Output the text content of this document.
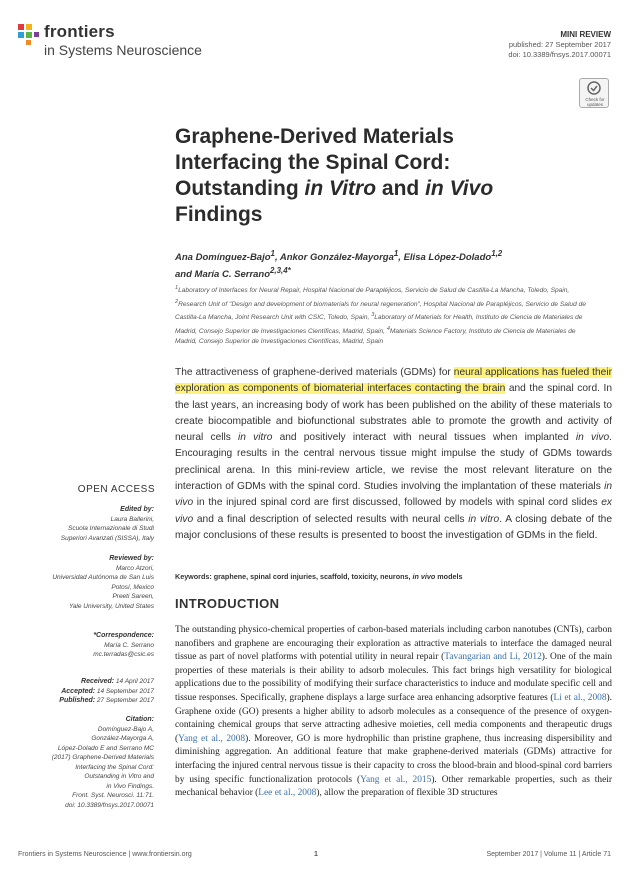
frontiers
in Systems Neuroscience
MINI REVIEW
published: 27 September 2017
doi: 10.3389/fnsys.2017.00071
Check for updates
Graphene-Derived Materials
Interfacing the Spinal Cord:
Outstanding in Vitro and in Vivo
Findings
Ana Domínguez-Bajo$^1$, Ankor González-Mayorga$^1$, Elisa López-Dolado$^{1,2}$
and María C. Serrano$^{2,3,4*}$
$^1$Laboratory of Interfaces for Neural Repair, Hospital Nacional de Parapléjicos, Servicio de Salud de Castilla-La Mancha, Toledo, Spain, $^2$Research Unit of "Design and development of biomaterials for neural regeneration", Hospital Nacional de Parapléjicos, Servicio de Salud de Castilla-La Mancha, Joint Research Unit with CSIC, Toledo, Spain, $^3$Laboratory of Materials for Health, Instituto de Ciencia de Materiales de Madrid, Consejo Superior de Investigaciones Científicas, Madrid, Spain, $^4$Materials Science Factory, Instituto de Ciencia de Materiales de Madrid, Consejo Superior de Investigaciones Científicas, Madrid, Spain
The attractiveness of graphene-derived materials (GDMs) for neural applications has fueled their exploration as components of biomaterial interfaces contacting the brain and the spinal cord. In the last years, an increasing body of work has been published on the ability of these materials to create biocompatible and biofunctional substrates able to promote the growth and activity of neural cells in vitro and positively interact with neural tissues when implanted in vivo. Encouraging results in the central nervous tissue might impulse the study of GDMs towards preclinical arena. In this mini-review article, we revise the most relevant literature on the interaction of GDMs with the spinal cord. Studies involving the implantation of these materials in vivo in the injured spinal cord are first discussed, followed by models with spinal cord slides ex vivo and a final description of selected results with neural cells in vitro. A closing debate of the major conclusions of these results is presented to boost the investigation of GDMs in the field.
Keywords: graphene, spinal cord injuries, scaffold, toxicity, neurons, in vivo models
INTRODUCTION
The outstanding physico-chemical properties of carbon-based materials including carbon nanotubes (CNTs), carbon nanofibers and graphene are encouraging their exploration as attractive materials to interface the damaged neural tissue as part of novel platforms with potential utility in neural repair (Tavangarian and Li, 2012). One of the main properties of these materials is their ability to adsorb molecules. This fact brings high versatility for biological applications due to the possibility of modifying their surface characteristics to induce and modulate specific cell and tissue responses. Specifically, graphene displays a large surface area enhancing adsorptive features (Li et al., 2008). Graphene oxide (GO) presents a higher ability to adsorb molecules as a consequence of the presence of oxygen-containing chemical groups that serve attracting adhesive moieties, cell media components and therapeutic drugs (Yang et al., 2008). Moreover, GO is more hydrophilic than pristine graphene, thus increasing dispersibility and diminishing aggregation. An additional feature that make graphene-derived materials (GDMs) attractive for interfacing the injured central nervous tissue is their capacity to cross the blood-brain and blood-spinal cord barriers by using specific functionalization protocols (Yang et al., 2015). Other remarkable properties, such as their mechanical behavior (Lee et al., 2008), allow the preparation of flexible 3D structures
OPEN ACCESS
Edited by:
Laura Ballerini,
Scuola Internazionale di Studi
Superiori Avanzati (SISSA), Italy
Reviewed by:
Marco Atzori,
Universidad Autónoma de San Luis
Potosí, Mexico
Preeti Sareen,
Yale University, United States
*Correspondence:
María C. Serrano
mc.terradas@csic.es
Received: 14 April 2017
Accepted: 14 September 2017
Published: 27 September 2017
Citation:
Domínguez-Bajo A,
González-Mayorga A,
López-Dolado E and Serrano MC
(2017) Graphene-Derived Materials
Interfacing the Spinal Cord:
Outstanding in Vitro and
in Vivo Findings.
Front. Syst. Neurosci. 11:71.
doi: 10.3389/fnsys.2017.00071
Frontiers in Systems Neuroscience | www.frontiersin.org	1	September 2017 | Volume 11 | Article 71
